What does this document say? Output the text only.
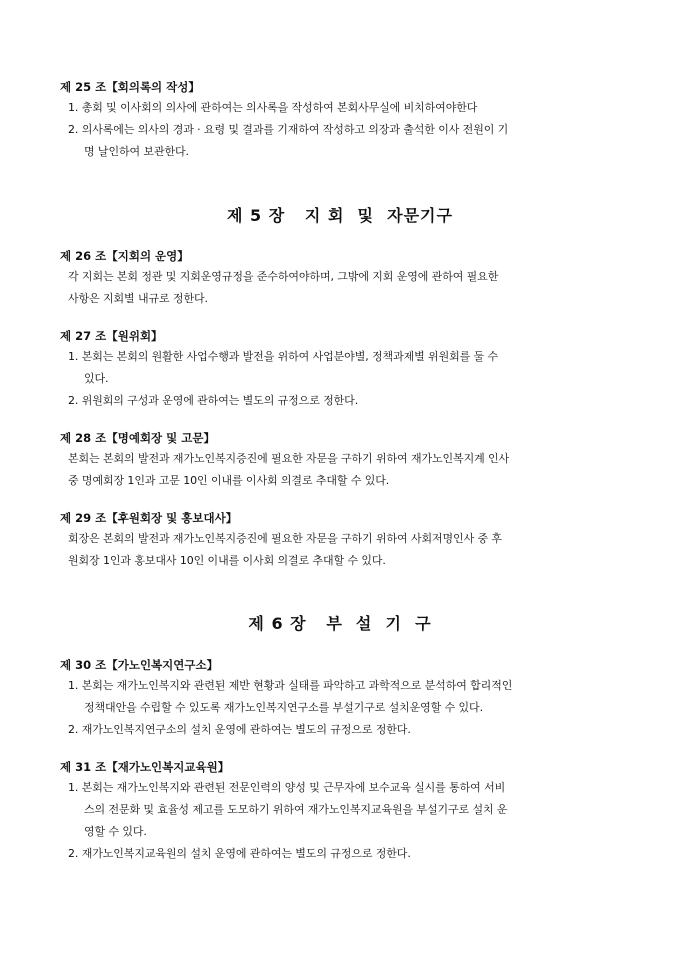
제 25 조【회의록의 작성】
1. 총회 및 이사회의 의사에 관하여는 의사록을 작성하여 본회사무실에 비치하여야한다
2. 의사록에는 의사의 경과 · 요령 및 결과를 기재하여 작성하고 의장과 출석한 이사 전원이 기
명 날인하여 보관한다.
제 5 장   지 회  및  자문기구
제 26 조【지회의 운영】
각 지회는 본회 정관 및 지회운영규정을 준수하여야하며, 그밖에 지회 운영에 관하여 필요한
사항은 지회별 내규로 정한다.
제 27 조【원위회】
1. 본회는 본회의 원활한 사업수행과 발전을 위하여 사업분야별, 정책과제별 위원회를 둘 수
있다.
2. 위원회의 구성과 운영에 관하여는 별도의 규정으로 정한다.
제 28 조【명예회장 및 고문】
본회는 본회의 발전과 재가노인복지증진에 필요한 자문을 구하기 위하여 재가노인복지계 인사
중 명예회장 1인과 고문 10인 이내를 이사회 의결로 추대할 수 있다.
제 29 조【후원회장 및 홍보대사】
회장은 본회의 발전과 재가노인복지증진에 필요한 자문을 구하기 위하여 사회저명인사 중 후
원회장 1인과 홍보대사 10인 이내를 이사회 의결로 추대할 수 있다.
제 6 장   부  설  기  구
제 30 조【가노인복지연구소】
1. 본회는 재가노인복지와 관련된 제반 현황과 실태를 파악하고 과학적으로 분석하여 합리적인
정책대안을 수립할 수 있도록 재가노인복지연구소를 부설기구로 설치운영할 수 있다.
2. 재가노인복지연구소의 설치 운영에 관하여는 별도의 규정으로 정한다.
제 31 조【재가노인복지교육원】
1. 본회는 재가노인복지와 관련된 전문인력의 양성 및 근무자에 보수교육 실시를 통하여 서비
스의 전문화 및 효율성 제고를 도모하기 위하여 재가노인복지교육원을 부설기구로 설치 운
영할 수 있다.
2. 재가노인복지교육원의 설치 운영에 관하여는 별도의 규정으로 정한다.
